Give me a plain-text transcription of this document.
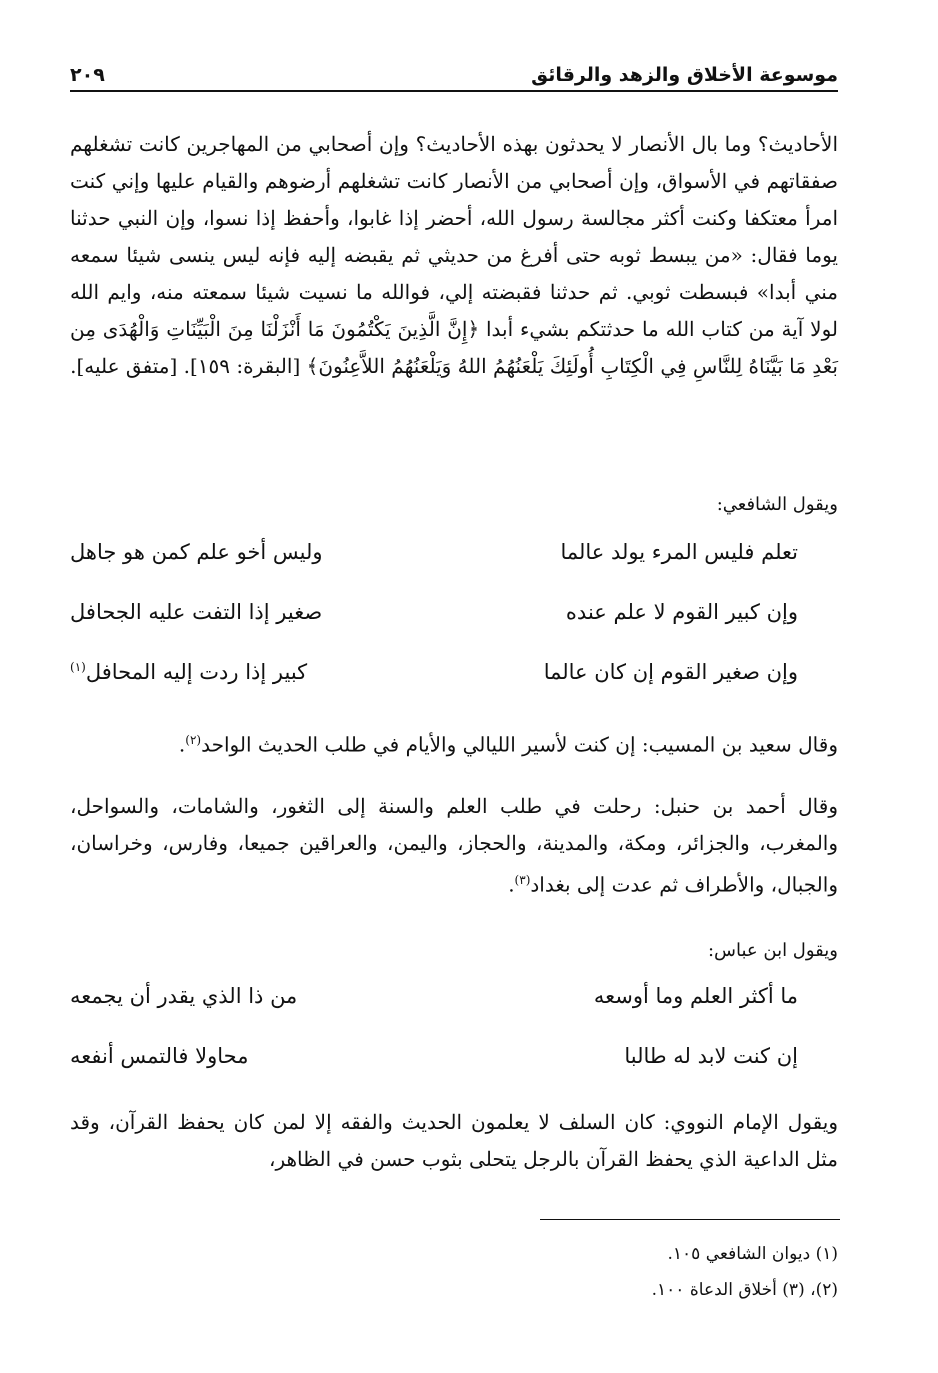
موسوعة الأخلاق والزهد والرقائق
٢٠٩
الأحاديث؟ وما بال الأنصار لا يحدثون بهذه الأحاديث؟ وإن أصحابي من المهاجرين كانت تشغلهم صفقاتهم في الأسواق، وإن أصحابي من الأنصار كانت تشغلهم أرضوهم والقيام عليها وإني كنت امرأ معتكفا وكنت أكثر مجالسة رسول الله، أحضر إذا غابوا، وأحفظ إذا نسوا، وإن النبي حدثنا يوما فقال: «من يبسط ثوبه حتى أفرغ من حديثي ثم يقبضه إليه فإنه ليس ينسى شيئا سمعه مني أبدا» فبسطت ثوبي. ثم حدثنا فقبضته إلي، فوالله ما نسيت شيئا سمعته منه، وايم الله لولا آية من كتاب الله ما حدثتكم بشيء أبدا ﴿إِنَّ الَّذِينَ يَكْتُمُونَ مَا أَنْزَلْنَا مِنَ الْبَيِّنَاتِ وَالْهُدَى مِن بَعْدِ مَا بَيَّنَاهُ لِلنَّاسِ فِي الْكِتَابِ أُولَئِكَ يَلْعَنُهُمُ اللهُ وَيَلْعَنُهُمُ اللاَّعِنُونَ﴾ [البقرة: ١٥٩]. [متفق عليه].
ويقول الشافعي:
تعلم فليس المرء يولد عالما
وليس أخو علم كمن هو جاهل
وإن كبير القوم لا علم عنده
صغير إذا التفت عليه الجحافل
وإن صغير القوم إن كان عالما
كبير إذا ردت إليه المحافل$^{(١)}$
وقال سعيد بن المسيب: إن كنت لأسير الليالي والأيام في طلب الحديث الواحد$^{(٢)}$.
وقال أحمد بن حنبل: رحلت في طلب العلم والسنة إلى الثغور، والشامات، والسواحل، والمغرب، والجزائر، ومكة، والمدينة، والحجاز، واليمن، والعراقين جميعا، وفارس، وخراسان، والجبال، والأطراف ثم عدت إلى بغداد$^{(٣)}$.
ويقول ابن عباس:
ما أكثر العلم وما أوسعه
من ذا الذي يقدر أن يجمعه
إن كنت لابد له طالبا
محاولا فالتمس أنفعه
ويقول الإمام النووي: كان السلف لا يعلمون الحديث والفقه إلا لمن كان يحفظ القرآن، وقد مثل الداعية الذي يحفظ القرآن بالرجل يتحلى بثوب حسن في الظاهر،
(١) ديوان الشافعي ١٠٥.
(٢)، (٣) أخلاق الدعاة ١٠٠.
